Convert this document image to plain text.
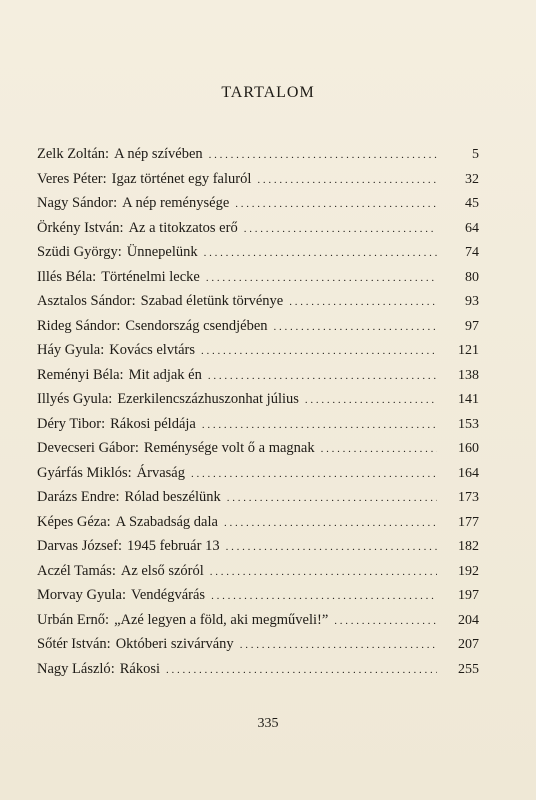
TARTALOM
Zelk Zoltán : A nép szívében . . .	5
Veres Péter : Igaz történet egy faluról . . .	32
Nagy Sándor : A nép reménysége . . .	45
Örkény István : Az a titokzatos erő . . .	64
Szüdi György : Ünnepelünk . . .	74
Illés Béla : Történelmi lecke . . .	80
Asztalos Sándor : Szabad életünk törvénye . . .	93
Rideg Sándor : Csendország csendjében . . .	97
Háy Gyula : Kovács elvtárs . . .	121
Reményi Béla : Mit adjak én . . .	138
Illyés Gyula : Ezerkilencszázhuszonhat július . . .	141
Déry Tibor : Rákosi példája . . .	153
Devecseri Gábor : Reménysége volt ő a magnak . . .	160
Gyárfás Miklós : Árvaság . . .	164
Darázs Endre : Rólad beszélünk . . .	173
Képes Géza : A Szabadság dala . . .	177
Darvas József : 1945 február 13 . . .	182
Aczél Tamás : Az első szóról . . .	192
Morvay Gyula : Vendégvárás . . .	197
Urbán Ernő : „Azé legyen a föld, aki megműveli!” . . .	204
Sőtér István : Októberi szivárvány . . .	207
Nagy László : Rákosi . . .	255
335
